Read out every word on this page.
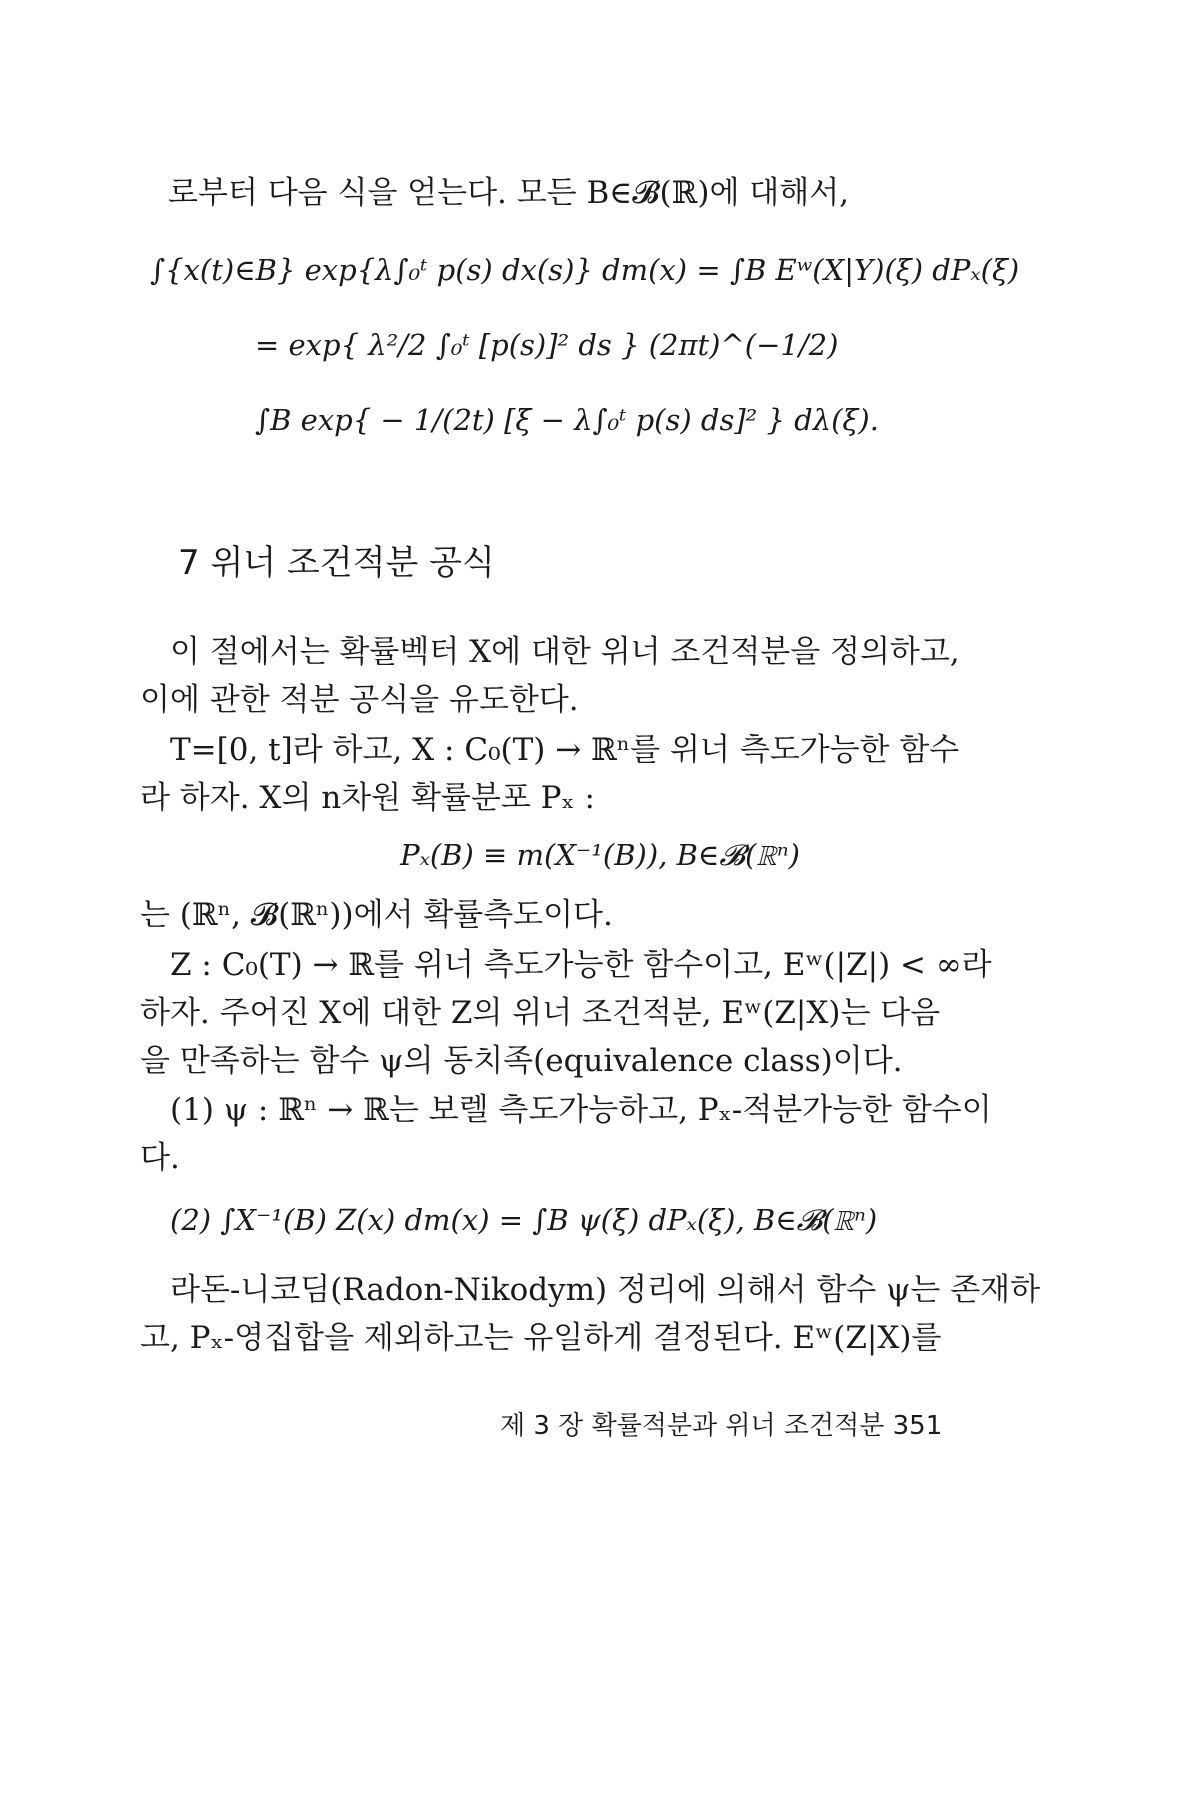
로부터 다음 식을 얻는다. 모든 B∈𝓑(ℝ)에 대해서,
∫{x(t)∈B} exp{λ∫₀ᵗ p(s) dx(s)} dm(x) = ∫B Eʷ(X|Y)(ξ) dPₓ(ξ)
= exp{ λ²/2 ∫₀ᵗ [p(s)]² ds } (2πt)^(−1/2)
∫B exp{ − 1/(2t) [ξ − λ∫₀ᵗ p(s) ds]² } dλ(ξ).
7 위너 조건적분 공식
이 절에서는 확률벡터 X에 대한 위너 조건적분을 정의하고,
이에 관한 적분 공식을 유도한다.
T=[0, t]라 하고, X : C₀(T) → ℝⁿ를 위너 측도가능한 함수
라 하자. X의 n차원 확률분포 Pₓ :
Pₓ(B) ≡ m(X⁻¹(B)), B∈𝓑(ℝⁿ)
는 (ℝⁿ, 𝓑(ℝⁿ))에서 확률측도이다.
Z : C₀(T) → ℝ를 위너 측도가능한 함수이고, Eʷ(|Z|) < ∞라
하자. 주어진 X에 대한 Z의 위너 조건적분, Eʷ(Z|X)는 다음
을 만족하는 함수 ψ의 동치족(equivalence class)이다.
(1) ψ : ℝⁿ → ℝ는 보렐 측도가능하고, Pₓ-적분가능한 함수이
다.
(2) ∫X⁻¹(B) Z(x) dm(x) = ∫B ψ(ξ) dPₓ(ξ), B∈𝓑(ℝⁿ)
라돈-니코딤(Radon-Nikodym) 정리에 의해서 함수 ψ는 존재하
고, Pₓ-영집합을 제외하고는 유일하게 결정된다. Eʷ(Z|X)를
제 3 장 확률적분과 위너 조건적분 351
